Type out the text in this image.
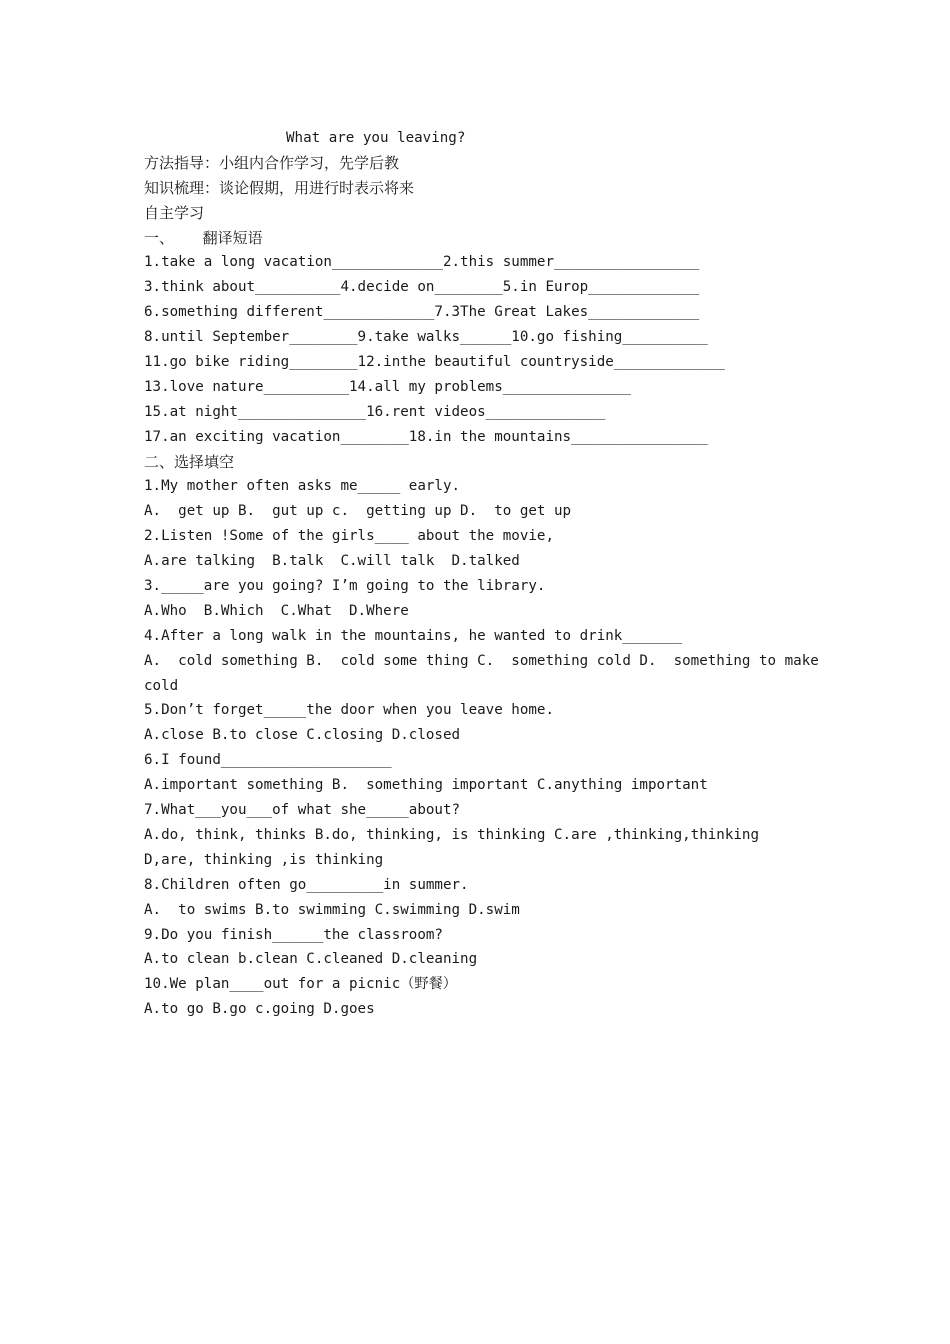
What are you leaving?
方法指导：小组内合作学习，先学后教
知识梳理：谈论假期，用进行时表示将来
自主学习
一、      翻译短语
1.take a long vacation_____________2.this summer_________________
3.think about__________4.decide on________5.in Europ_____________
6.something different_____________7.3The Great Lakes_____________
8.until September________9.take walks______10.go fishing__________
11.go bike riding________12.inthe beautiful countryside_____________
13.love nature__________14.all my problems_______________
15.at night_______________16.rent videos______________
17.an exciting vacation________18.in the mountains________________
二、选择填空
1.My mother often asks me_____ early.
A.  get up B.  gut up c.  getting up D.  to get up
2.Listen !Some of the girls____ about the movie,
A.are talking  B.talk  C.will talk  D.talked
3._____are you going? I’m going to the library.
A.Who  B.Which  C.What  D.Where
4.After a long walk in the mountains, he wanted to drink_______
A.  cold something B.  cold some thing C.  something cold D.  something to make
cold
5.Don’t forget_____the door when you leave home.
A.close B.to close C.closing D.closed
6.I found____________________
A.important something B.  something important C.anything important
7.What___you___of what she_____about?
A.do, think, thinks B.do, thinking, is thinking C.are ,thinking,thinking
D,are, thinking ,is thinking
8.Children often go_________in summer.
A.  to swims B.to swimming C.swimming D.swim
9.Do you finish______the classroom?
A.to clean b.clean C.cleaned D.cleaning
10.We plan____out for a picnic（野餐）
A.to go B.go c.going D.goes
